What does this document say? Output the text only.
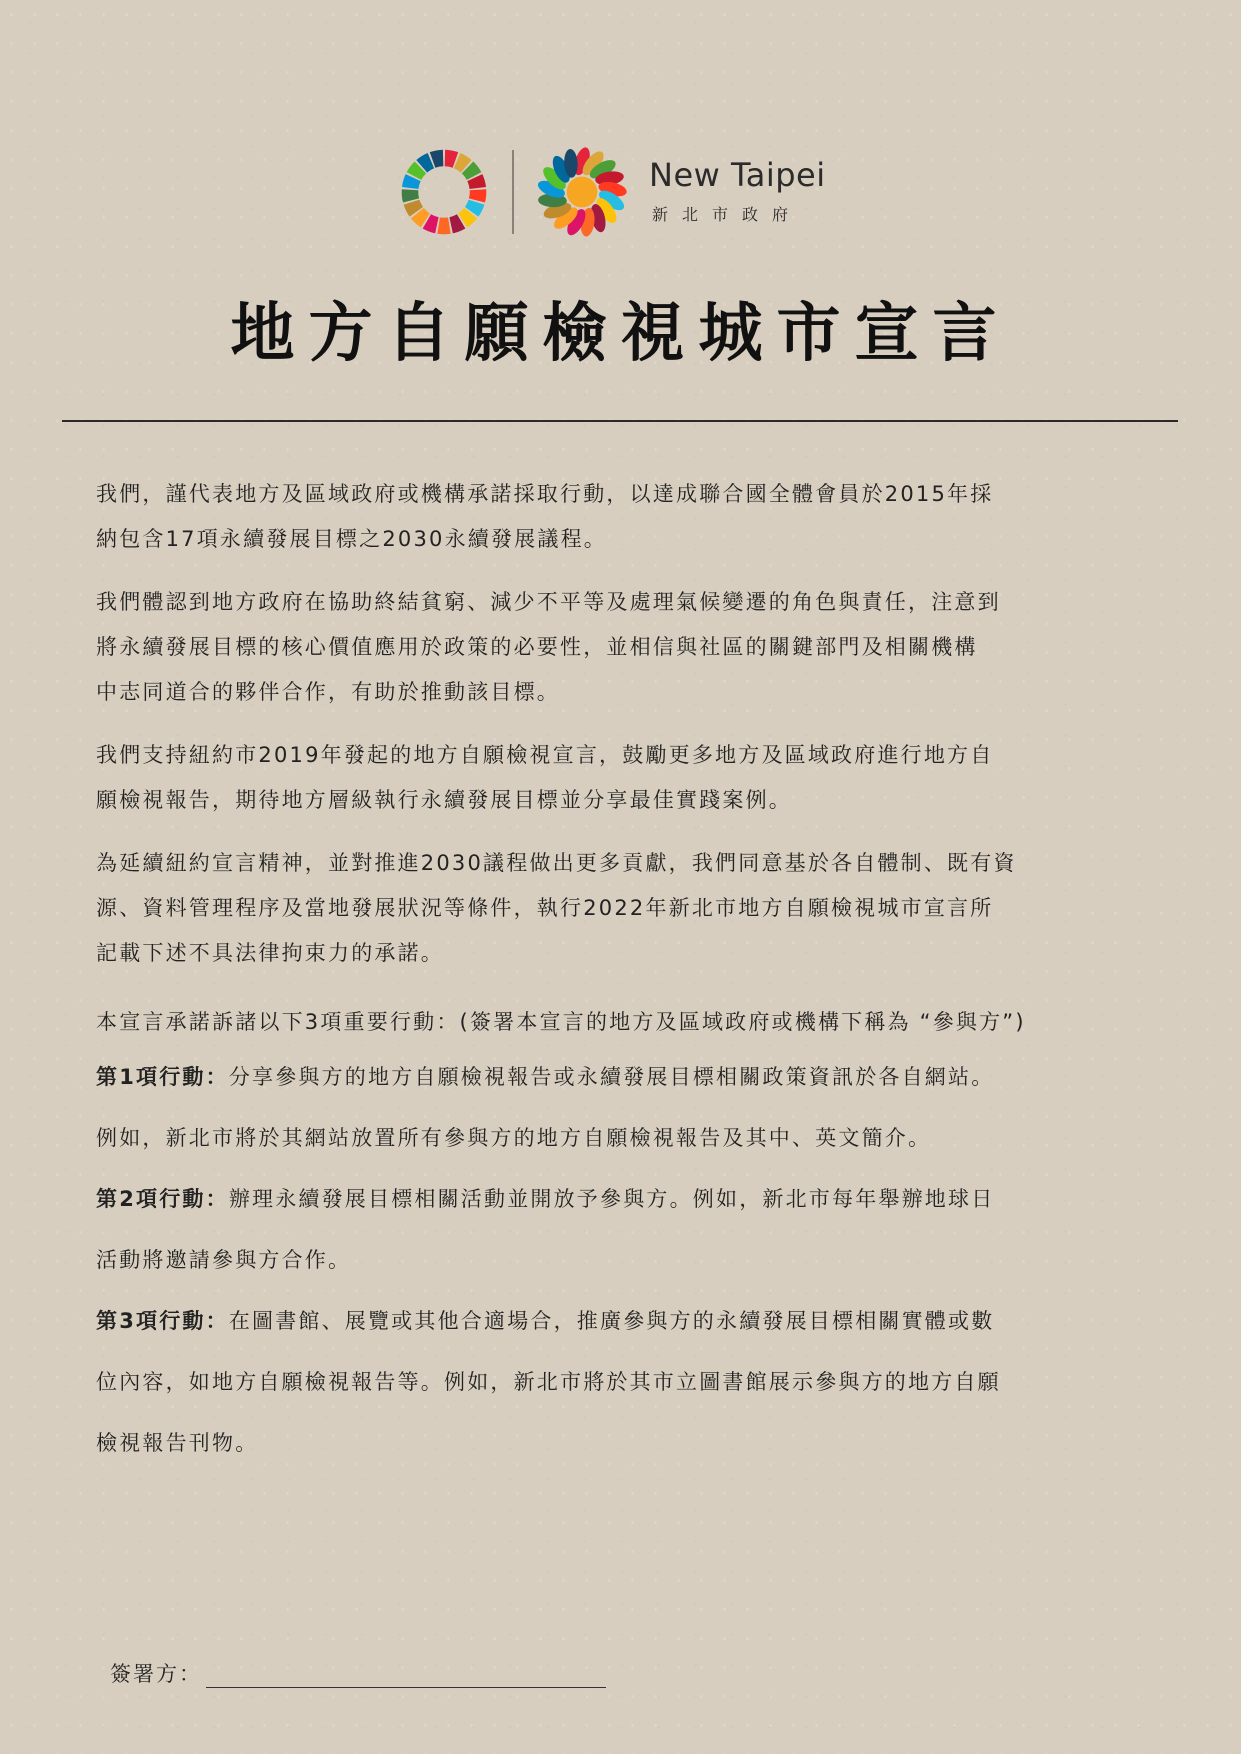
New Taipei
新北市政府
地方自願檢視城市宣言

我們，謹代表地方及區域政府或機構承諾採取行動，以達成聯合國全體會員於2015年採
納包含17項永續發展目標之2030永續發展議程。

我們體認到地方政府在協助終結貧窮、減少不平等及處理氣候變遷的角色與責任，注意到
將永續發展目標的核心價值應用於政策的必要性，並相信與社區的關鍵部門及相關機構
中志同道合的夥伴合作，有助於推動該目標。

我們支持紐約市2019年發起的地方自願檢視宣言，鼓勵更多地方及區域政府進行地方自
願檢視報告，期待地方層級執行永續發展目標並分享最佳實踐案例。

為延續紐約宣言精神，並對推進2030議程做出更多貢獻，我們同意基於各自體制、既有資
源、資料管理程序及當地發展狀況等條件，執行2022年新北市地方自願檢視城市宣言所
記載下述不具法律拘束力的承諾。

本宣言承諾訴諸以下3項重要行動：(簽署本宣言的地方及區域政府或機構下稱為 “參與方”)

第1項行動：分享參與方的地方自願檢視報告或永續發展目標相關政策資訊於各自網站。
例如，新北市將於其網站放置所有參與方的地方自願檢視報告及其中、英文簡介。

第2項行動：辦理永續發展目標相關活動並開放予參與方。例如，新北市每年舉辦地球日
活動將邀請參與方合作。

第3項行動：在圖書館、展覽或其他合適場合，推廣參與方的永續發展目標相關實體或數
位內容，如地方自願檢視報告等。例如，新北市將於其市立圖書館展示參與方的地方自願
檢視報告刊物。

簽署方：
